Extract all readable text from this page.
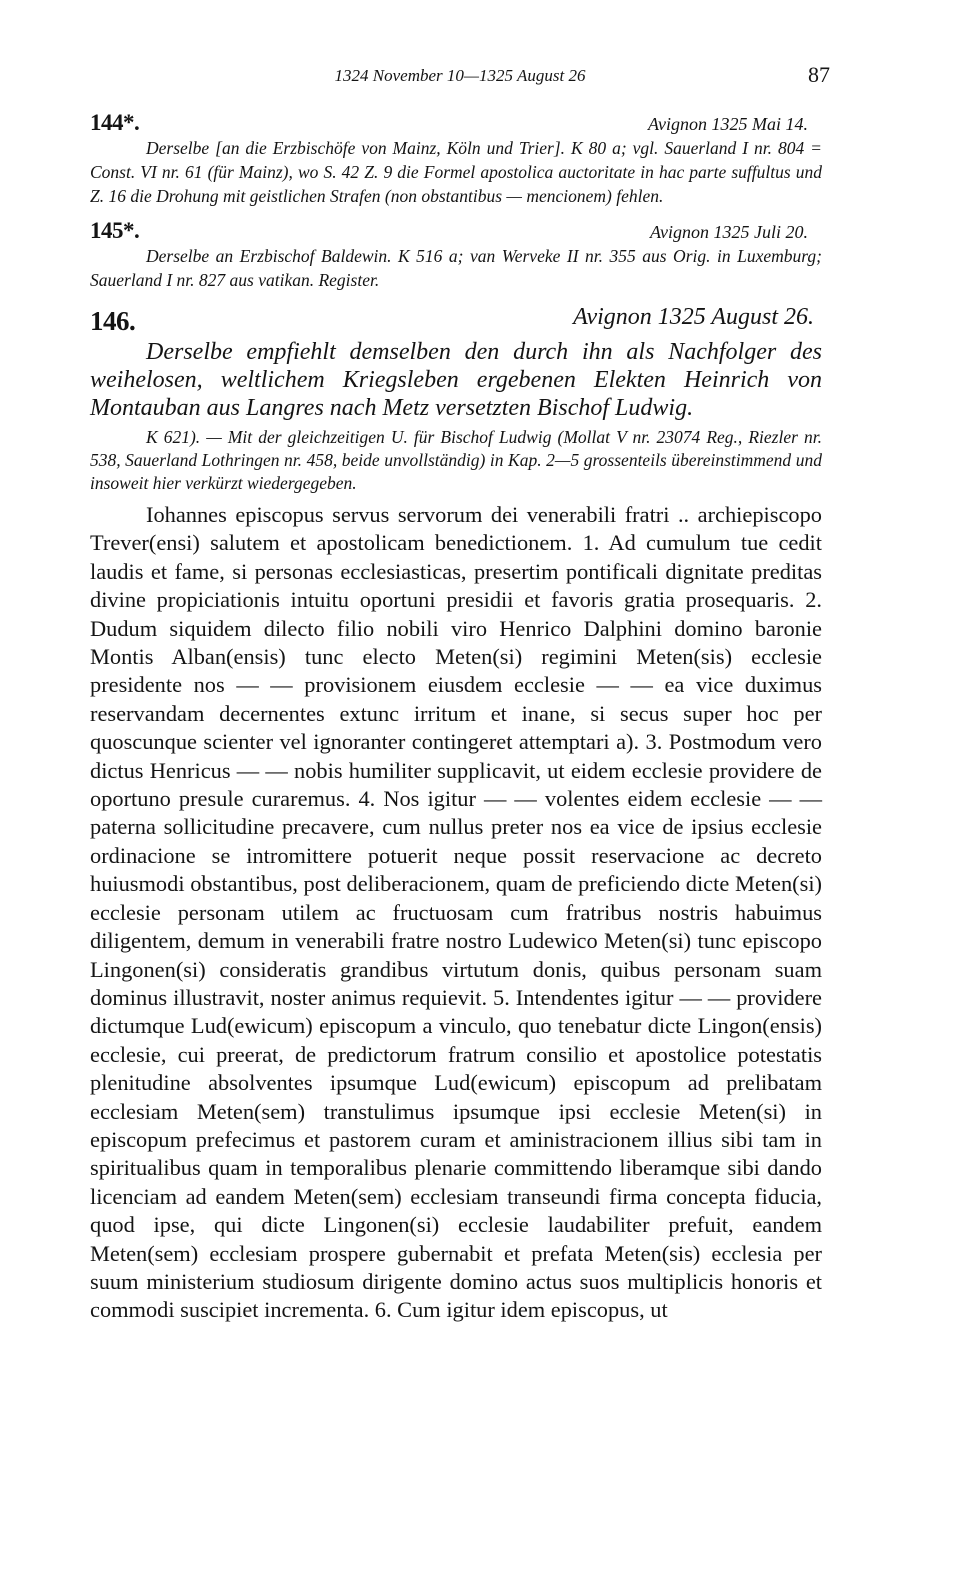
1324 November 10—1325 August 26	87
144*.	Avignon 1325 Mai 14.

Derselbe [an die Erzbischöfe von Mainz, Köln und Trier]. K 80 a; vgl. Sauerland I nr. 804 = Const. VI nr. 61 (für Mainz), wo S. 42 Z. 9 die Formel apostolica auctoritate in hac parte suffultus und Z. 16 die Drohung mit geistlichen Strafen (non obstantibus — mencionem) fehlen.

145*.	Avignon 1325 Juli 20.

Derselbe an Erzbischof Baldewin. K 516 a; van Werveke II nr. 355 aus Orig. in Luxemburg; Sauerland I nr. 827 aus vatikan. Register.

146.	Avignon 1325 August 26.

Derselbe empfiehlt demselben den durch ihn als Nachfolger des weihelosen, weltlichem Kriegsleben ergebenen Elekten Heinrich von Montauban aus Langres nach Metz versetzten Bischof Ludwig.

K 621). — Mit der gleichzeitigen U. für Bischof Ludwig (Mollat V nr. 23074 Reg., Riezler nr. 538, Sauerland Lothringen nr. 458, beide unvollständig) in Kap. 2—5 grossenteils übereinstimmend und insoweit hier verkürzt wiedergegeben.

Iohannes episcopus servus servorum dei venerabili fratri .. archiepiscopo Trever(ensi) salutem et apostolicam benedictionem. 1. Ad cumulum tue cedit laudis et fame, si personas ecclesiasticas, presertim pontificali dignitate preditas divine propiciationis intuitu oportuni presidii et favoris gratia prosequaris. 2. Dudum siquidem dilecto filio nobili viro Henrico Dalphini domino baronie Montis Alban(ensis) tunc electo Meten(si) regimini Meten(sis) ecclesie presidente nos — — provisionem eiusdem ecclesie — — ea vice duximus reservandam decernentes extunc irritum et inane, si secus super hoc per quoscunque scienter vel ignoranter contingeret attemptari a). 3. Postmodum vero dictus Henricus — — nobis humiliter supplicavit, ut eidem ecclesie providere de oportuno presule curaremus. 4. Nos igitur — — volentes eidem ecclesie — — paterna sollicitudine precavere, cum nullus preter nos ea vice de ipsius ecclesie ordinacione se intromittere potuerit neque possit reservacione ac decreto huiusmodi obstantibus, post deliberacionem, quam de preficiendo dicte Meten(si) ecclesie personam utilem ac fructuosam cum fratribus nostris habuimus diligentem, demum in venerabili fratre nostro Ludewico Meten(si) tunc episcopo Lingonen(si) consideratis grandibus virtutum donis, quibus personam suam dominus illustravit, noster animus requievit. 5. Intendentes igitur — — providere dictumque Lud(ewicum) episcopum a vinculo, quo tenebatur dicte Lingon(ensis) ecclesie, cui preerat, de predictorum fratrum consilio et apostolice potestatis plenitudine absolventes ipsumque Lud(ewicum) episcopum ad prelibatam ecclesiam Meten(sem) transtulimus ipsumque ipsi ecclesie Meten(si) in episcopum prefecimus et pastorem curam et aministracionem illius sibi tam in spiritualibus quam in temporalibus plenarie committendo liberamque sibi dando licenciam ad eandem Meten(sem) ecclesiam transeundi firma concepta fiducia, quod ipse, qui dicte Lingonen(si) ecclesie laudabiliter prefuit, eandem Meten(sem) ecclesiam prospere gubernabit et prefata Meten(sis) ecclesia per suum ministerium studiosum dirigente domino actus suos multiplicis honoris et commodi suscipiet incrementa. 6. Cum igitur idem episcopus, ut
